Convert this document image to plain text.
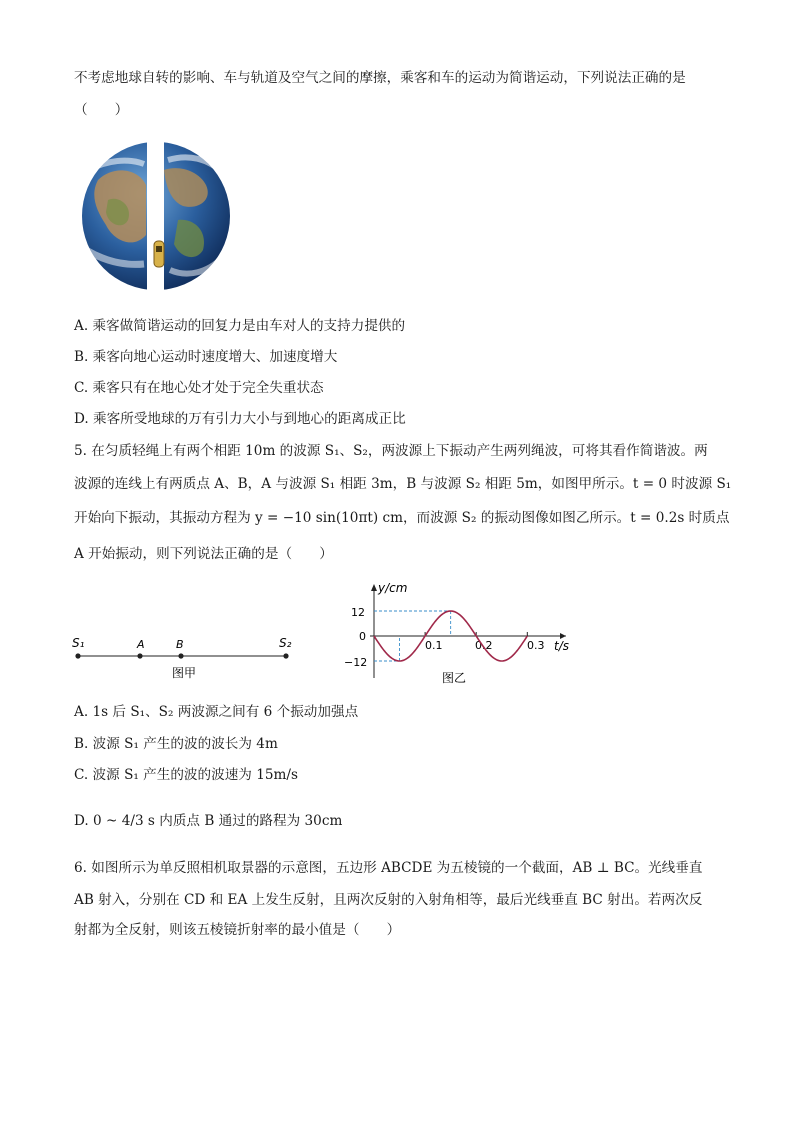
不考虑地球自转的影响、车与轨道及空气之间的摩擦，乘客和车的运动为简谐运动，下列说法正确的是
（　　）
A. 乘客做简谐运动的回复力是由车对人的支持力提供的
B. 乘客向地心运动时速度增大、加速度增大
C. 乘客只有在地心处才处于完全失重状态
D. 乘客所受地球的万有引力大小与到地心的距离成正比
5. 在匀质轻绳上有两个相距 10m 的波源 S₁、S₂，两波源上下振动产生两列绳波，可将其看作简谐波。两
波源的连线上有两质点 A、B，A 与波源 S₁ 相距 3m，B 与波源 S₂ 相距 5m，如图甲所示。t = 0 时波源 S₁
开始向下振动，其振动方程为 y = −10 sin(10πt) cm，而波源 S₂ 的振动图像如图乙所示。t = 0.2s 时质点
A 开始振动，则下列说法正确的是（　　）
S₁	A	B	S₂
图甲
y/cm
t/s
12
0
−12
0.1	0.2	0.3
图乙
A. 1s 后 S₁、S₂ 两波源之间有 6 个振动加强点
B. 波源 S₁ 产生的波的波长为 4m
C. 波源 S₁ 产生的波的波速为 15m/s
D. 0 ~ 4/3 s 内质点 B 通过的路程为 30cm
6. 如图所示为单反照相机取景器的示意图，五边形 ABCDE 为五棱镜的一个截面，AB ⊥ BC。光线垂直
AB 射入，分别在 CD 和 EA 上发生反射，且两次反射的入射角相等，最后光线垂直 BC 射出。若两次反
射都为全反射，则该五棱镜折射率的最小值是（　　）
